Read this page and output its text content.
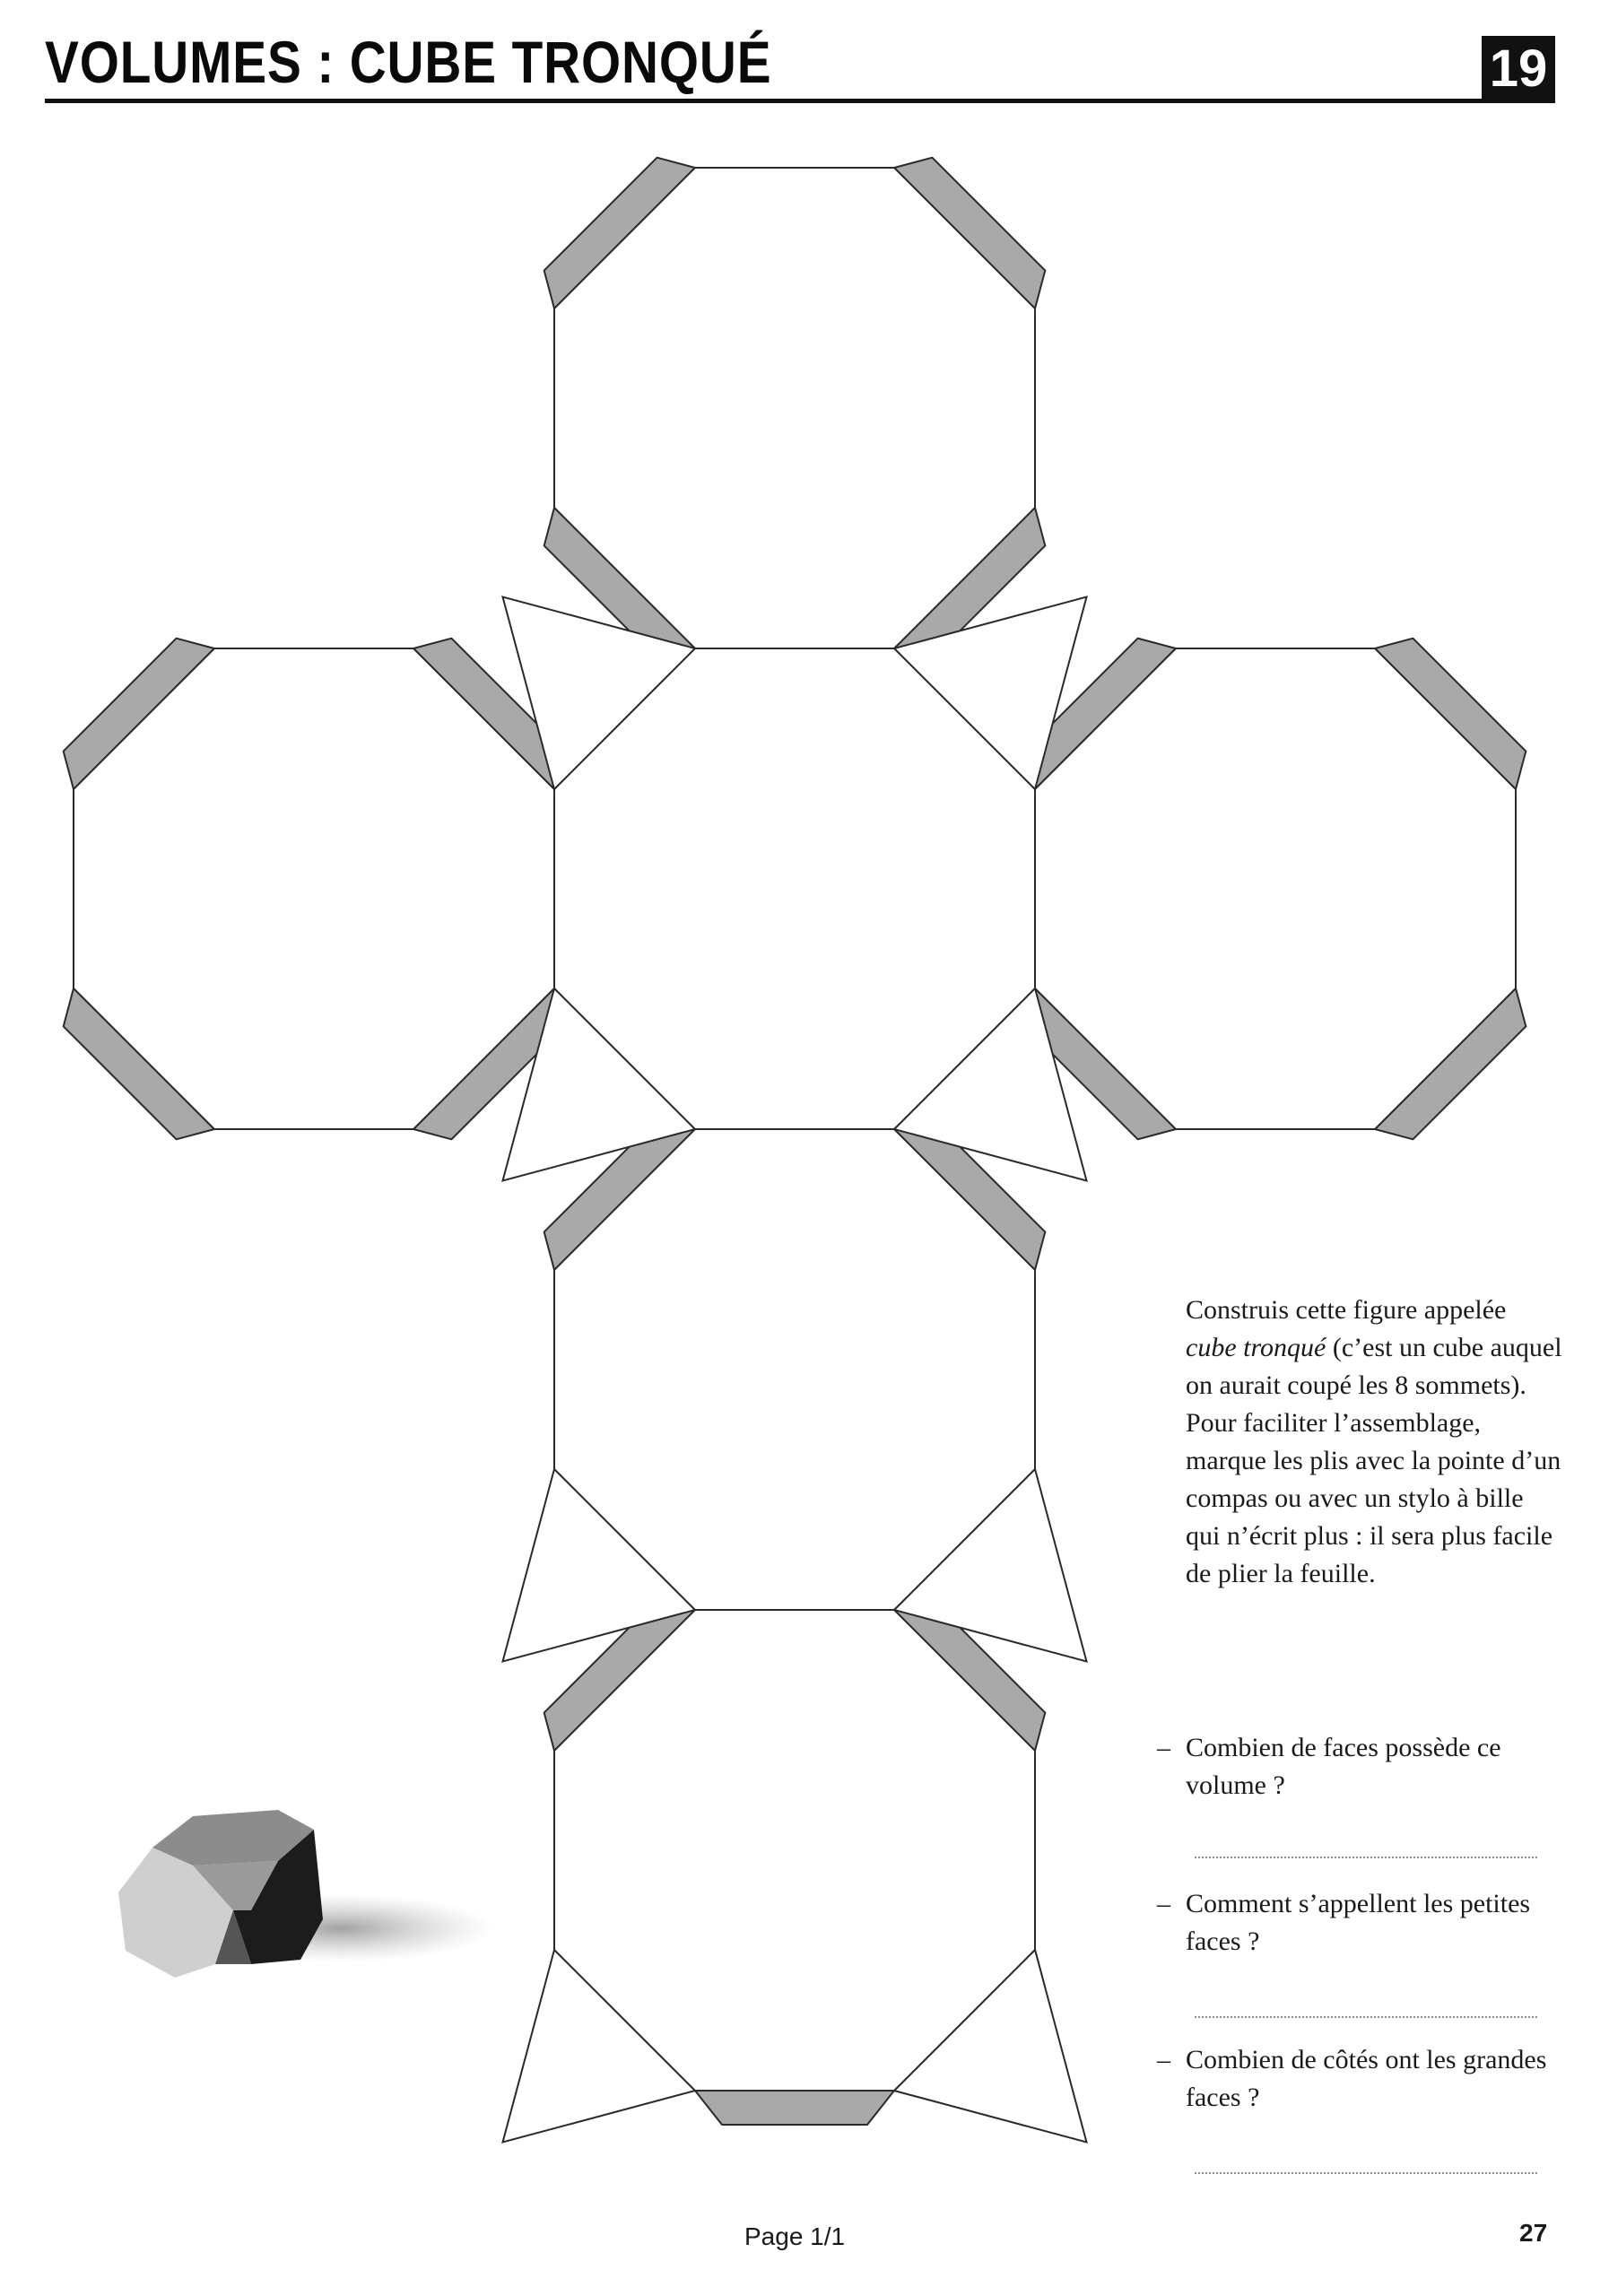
VOLUMES : CUBE TRONQUÉ	19

Construis cette figure appelée cube tronqué (c’est un cube auquel on aurait coupé les 8 sommets). Pour faciliter l’assemblage, marque les plis avec la pointe d’un compas ou avec un stylo à bille qui n’écrit plus : il sera plus facile de plier la feuille.

– Combien de faces possède ce volume ?
– Comment s’appellent les petites faces ?
– Combien de côtés ont les grandes faces ?
Page 1/1	27
